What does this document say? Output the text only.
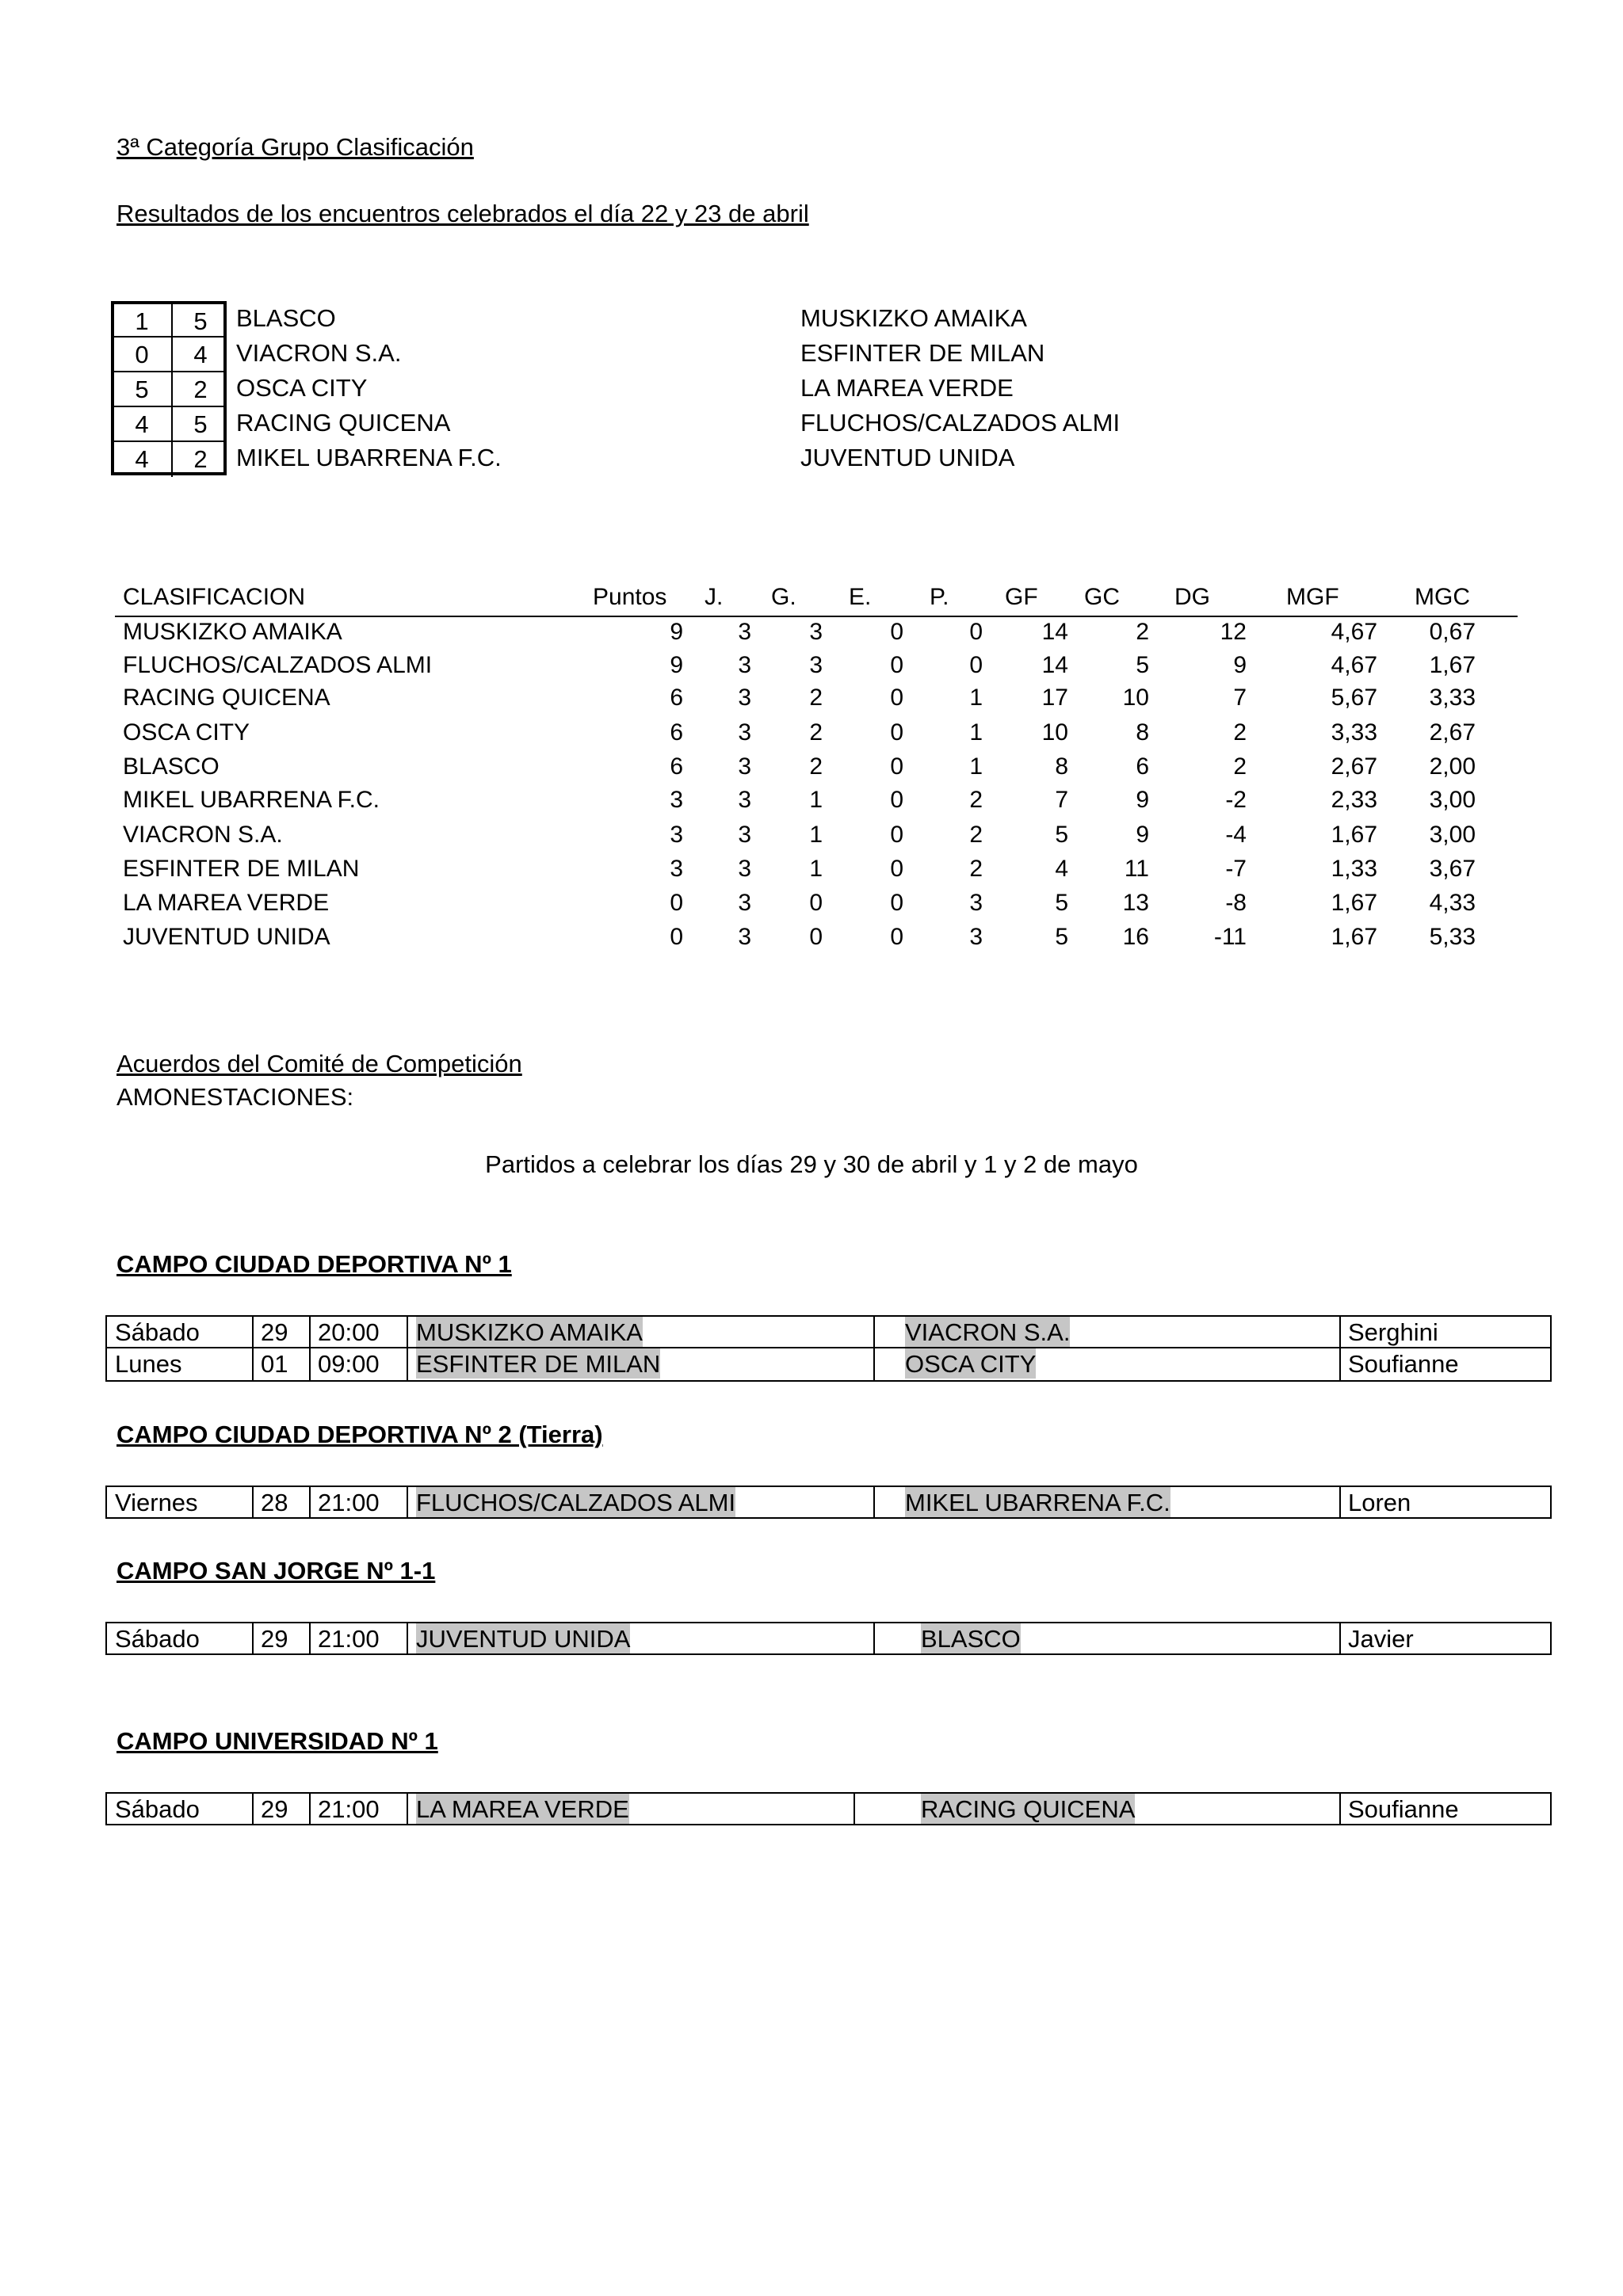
3ª Categoría Grupo Clasificación
Resultados de los encuentros celebrados el día 22 y 23 de abril
1	5	BLASCO	MUSKIZKO AMAIKA
0	4	VIACRON S.A.	ESFINTER DE MILAN
5	2	OSCA CITY	LA MAREA VERDE
4	5	RACING QUICENA	FLUCHOS/CALZADOS ALMI
4	2	MIKEL UBARRENA F.C.	JUVENTUD UNIDA
CLASIFICACION	Puntos J. G. E. P. GF GC DG	MGF	MGC
MUSKIZKO AMAIKA	9 3 3	0	0 14	2	12	4,67 0,67
FLUCHOS/CALZADOS ALMI	9 3 3	0	0 14	5	9	4,67 1,67
RACING QUICENA	6 3 2	0	1 17 10	7	5,67 3,33
OSCA CITY	6 3 2	0	1 10	8	2	3,33 2,67
BLASCO	6 3 2	0	1	8	6	2	2,67 2,00
MIKEL UBARRENA F.C.	3 3 1	0	2	7	9	-2	2,33 3,00
VIACRON S.A.	3 3 1	0	2	5	9	-4	1,67 3,00
ESFINTER DE MILAN	3 3 1	0	2	4 11	-7	1,33 3,67
LA MAREA VERDE	0 3 0	0	3	5 13	-8	1,67 4,33
JUVENTUD UNIDA	0 3 0	0	3	5 16	-11	1,67 5,33
Acuerdos del Comité de Competición
AMONESTACIONES:
Partidos a celebrar los días 29 y 30 de abril y 1 y 2 de mayo
CAMPO CIUDAD DEPORTIVA Nº 1
CAMPO CIUDAD DEPORTIVA Nº 2 (Tierra)
CAMPO SAN JORGE Nº 1-1
CAMPO UNIVERSIDAD Nº 1
Sábado 29 20:00 MUSKIZKO AMAIKA	VIACRON S.A.	Serghini
Lunes	01 09:00 ESFINTER DE MILAN	OSCA CITY	Soufianne
Viernes	28 21:00 FLUCHOS/CALZADOS ALMI	MIKEL UBARRENA F.C.	Loren
Sábado 29 21:00 JUVENTUD UNIDA	BLASCO	Javier
Sábado 29 21:00 LA MAREA VERDE	RACING QUICENA	Soufianne
